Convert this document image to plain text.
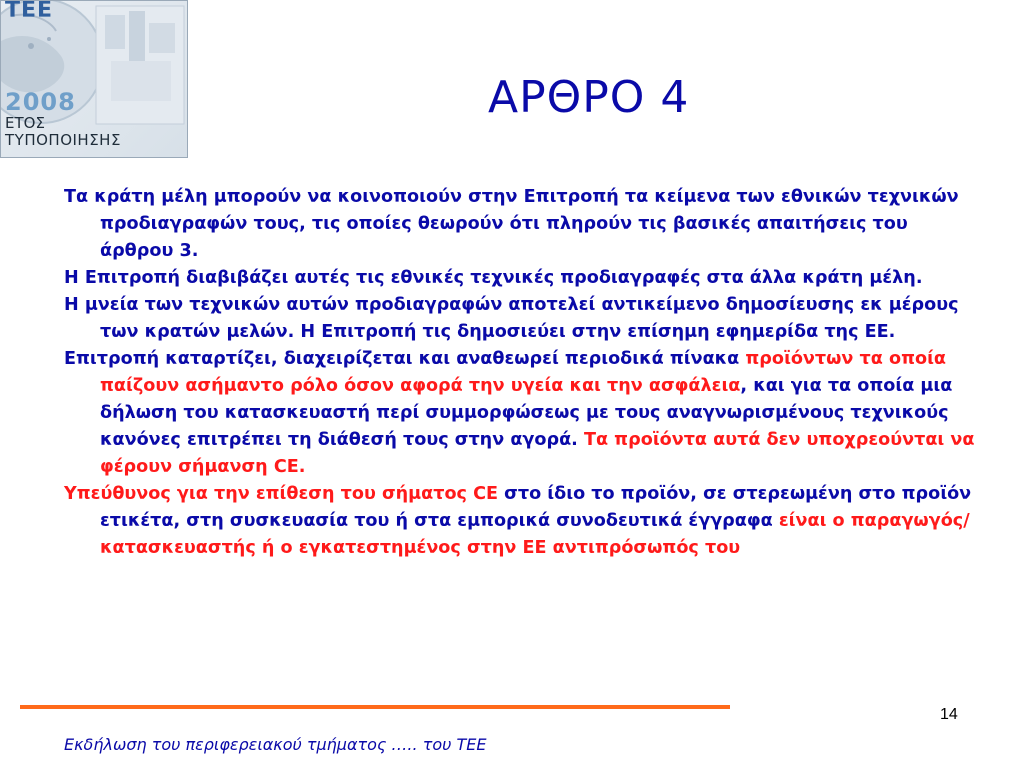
ΤΕΕ
2008
ΕΤΟΣ
ΤΥΠΟΠΟΙΗΣΗΣ
ΑΡΘΡΟ 4
Τα κράτη μέλη μπορούν να κοινοποιούν στην Επιτροπή τα κείμενα των εθνικών τεχνικών προδιαγραφών τους, τις οποίες θεωρούν ότι πληρούν τις βασικές απαιτήσεις του άρθρου 3.
Η Επιτροπή διαβιβάζει αυτές τις εθνικές τεχνικές προδιαγραφές στα άλλα κράτη μέλη.
Η μνεία των τεχνικών αυτών προδιαγραφών αποτελεί αντικείμενο δημοσίευσης εκ μέρους των κρατών μελών. Η Επιτροπή τις δημοσιεύει στην επίσημη εφημερίδα της ΕΕ.
Επιτροπή καταρτίζει, διαχειρίζεται και αναθεωρεί περιοδικά πίνακα προϊόντων τα οποία παίζουν ασήμαντο ρόλο όσον αφορά την υγεία και την ασφάλεια, και για τα οποία μια δήλωση του κατασκευαστή περί συμμορφώσεως με τους αναγνωρισμένους τεχνικούς κανόνες επιτρέπει τη διάθεσή τους στην αγορά. Τα προϊόντα αυτά δεν υποχρεούνται να φέρουν σήμανση CE.
Υπεύθυνος για την επίθεση του σήματος CE στο ίδιο το προϊόν, σε στερεωμένη στο προϊόν ετικέτα, στη συσκευασία του ή στα εμπορικά συνοδευτικά έγγραφα είναι ο παραγωγός/κατασκευαστής ή ο εγκατεστημένος στην ΕΕ αντιπρόσωπός του
14
Εκδήλωση του περιφερειακού τμήματος ….. του ΤΕΕ
